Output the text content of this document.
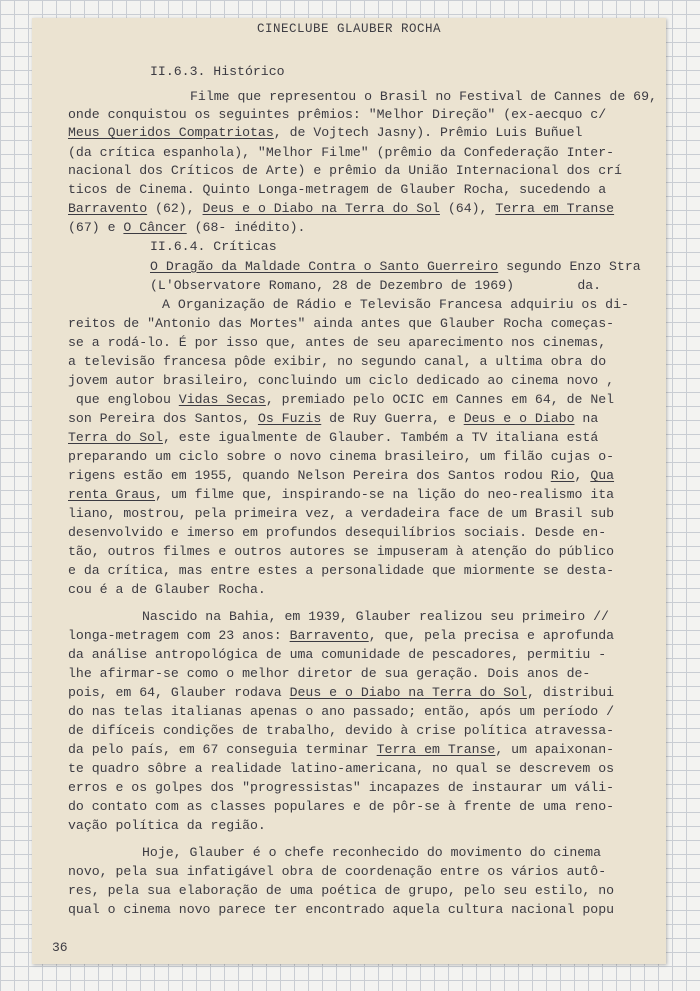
CINECLUBE GLAUBER ROCHA
II.6.3. Histórico
Filme que representou o Brasil no Festival de Cannes de 69,
onde conquistou os seguintes prêmios: "Melhor Direção" (ex-aecquo c/
Meus Queridos Compatriotas, de Vojtech Jasny). Prêmio Luis Buñuel
(da crítica espanhola), "Melhor Filme" (prêmio da Confederação Inter-
nacional dos Críticos de Arte) e prêmio da União Internacional dos crí
ticos de Cinema. Quinto Longa-metragem de Glauber Rocha, sucedendo a
Barravento (62), Deus e o Diabo na Terra do Sol (64), Terra em Transe
(67) e O Câncer (68- inédito).
II.6.4. Críticas
O Dragão da Maldade Contra o Santo Guerreiro segundo Enzo Stra
(L'Observatore Romano, 28 de Dezembro de 1969)        da.
A Organização de Rádio e Televisão Francesa adquiriu os di-
reitos de "Antonio das Mortes" ainda antes que Glauber Rocha começas-
se a rodá-lo. É por isso que, antes de seu aparecimento nos cinemas,
a televisão francesa pôde exibir, no segundo canal, a ultima obra do
jovem autor brasileiro, concluindo um ciclo dedicado ao cinema novo ,
que englobou Vidas Secas, premiado pelo OCIC em Cannes em 64, de Nel
son Pereira dos Santos, Os Fuzis de Ruy Guerra, e Deus e o Diabo na
Terra do Sol, este igualmente de Glauber. Também a TV italiana está
preparando um ciclo sobre o novo cinema brasileiro, um filão cujas o-
rigens estão em 1955, quando Nelson Pereira dos Santos rodou Rio, Qua
renta Graus, um filme que, inspirando-se na lição do neo-realismo ita
liano, mostrou, pela primeira vez, a verdadeira face de um Brasil sub
desenvolvido e imerso em profundos desequilíbrios sociais. Desde en-
tão, outros filmes e outros autores se impuseram à atenção do público
e da crítica, mas entre estes a personalidade que miormente se desta-
cou é a de Glauber Rocha.
Nascido na Bahia, em 1939, Glauber realizou seu primeiro //
longa-metragem com 23 anos: Barravento, que, pela precisa e aprofunda
da análise antropológica de uma comunidade de pescadores, permitiu -
lhe afirmar-se como o melhor diretor de sua geração. Dois anos de-
pois, em 64, Glauber rodava Deus e o Diabo na Terra do Sol, distribui
do nas telas italianas apenas o ano passado; então, após um período /
de difíceis condições de trabalho, devido à crise política atravessa-
da pelo país, em 67 conseguia terminar Terra em Transe, um apaixonan-
te quadro sôbre a realidade latino-americana, no qual se descrevem os
erros e os golpes dos "progressistas" incapazes de instaurar um váli-
do contato com as classes populares e de pôr-se à frente de uma reno-
vação política da região.
Hoje, Glauber é o chefe reconhecido do movimento do cinema
novo, pela sua infatigável obra de coordenação entre os vários autô-
res, pela sua elaboração de uma poética de grupo, pelo seu estilo, no
qual o cinema novo parece ter encontrado aquela cultura nacional popu
36
